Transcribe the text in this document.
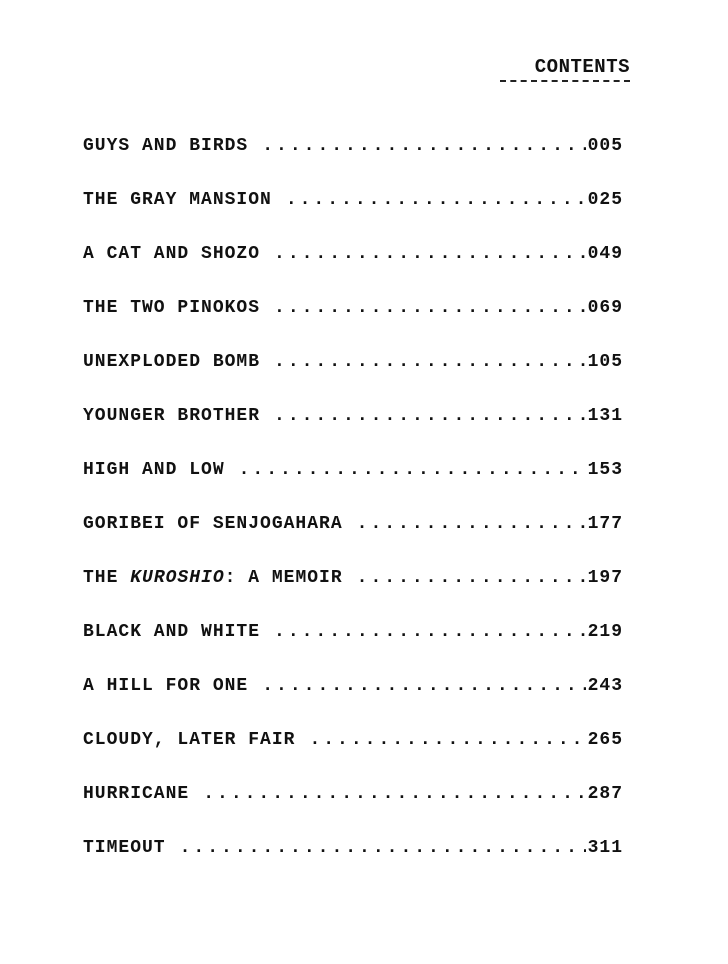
CONTENTS
GUYS AND BIRDS .....	005
THE GRAY MANSION .....	025
A CAT AND SHOZO .....	049
THE TWO PINOKOS .....	069
UNEXPLODED BOMB .....	105
YOUNGER BROTHER .....	131
HIGH AND LOW .....	153
GORIBEI OF SENJOGAHARA .....	177
THE KUROSHIO: A MEMOIR .....	197
BLACK AND WHITE .....	219
A HILL FOR ONE .....	243
CLOUDY, LATER FAIR .....	265
HURRICANE .....	287
TIMEOUT .....	311
